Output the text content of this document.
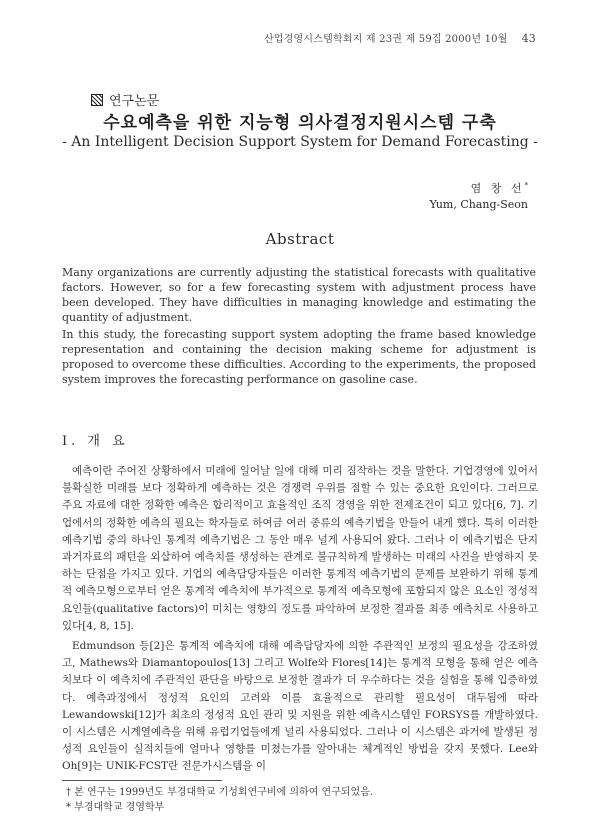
산업경영시스템학회지 제 23권 제 59집 2000년 10월 43
연구논문
수요예측을 위한 지능형 의사결정지원시스템 구축
- An Intelligent Decision Support System for Demand Forecasting -
염 창 선*
Yum, Chang-Seon
Abstract

Many organizations are currently adjusting the statistical forecasts with qualitative factors. However, so for a few forecasting system with adjustment process have been developed. They have difficulties in managing knowledge and estimating the quantity of adjustment.

In this study, the forecasting support system adopting the frame based knowledge representation and containing the decision making scheme for adjustment is proposed to overcome these difficulties. According to the experiments, the proposed system improves the forecasting performance on gasoline case.

I. 개 요

예측이란 주어진 상황하에서 미래에 일어날 일에 대해 미리 짐작하는 것을 말한다. 기업경영에 있어서 불확실한 미래를 보다 정확하게 예측하는 것은 경쟁력 우위를 점할 수 있는 중요한 요인이다. 그러므로 주요 자료에 대한 정확한 예측은 합리적이고 효율적인 조직 경영을 위한 전제조건이 되고 있다[6, 7]. 기업에서의 정확한 예측의 필요는 학자들로 하여금 여러 종류의 예측기법을 만들어 내게 했다. 특히 이러한 예측기법 중의 하나인 통계적 예측기법은 그 동안 매우 널게 사용되어 왔다. 그러나 이 예측기법은 단지 과거자료의 패턴을 외삽하여 예측치를 생성하는 관계로 불규칙하게 발생하는 미래의 사건을 반영하지 못하는 단점을 가지고 있다. 기업의 예측담당자들은 이러한 통계적 예측기법의 문제를 보완하기 위해 통계적 예측모형으로부터 얻은 통계적 예측치에 부가적으로 통계적 예측모형에 포함되지 않은 요소인 정성적 요인들(qualitative factors)이 미치는 영향의 정도를 파악하여 보정한 결과를 최종 예측치로 사용하고 있다[4, 8, 15].

Edmundson 등[2]은 통계적 예측치에 대해 예측담당자에 의한 주관적인 보정의 필요성을 강조하였고, Mathews와 Diamantopoulos[13] 그리고 Wolfe와 Flores[14]는 통계적 모형을 통해 얻은 예측치보다 이 예측치에 주관적인 판단을 바탕으로 보정한 결과가 더 우수하다는 것을 실험을 통해 입증하였다. 예측과정에서 정성적 요인의 고려와 이를 효율적으로 관리할 필요성이 대두됨에 따라 Lewandowski[12]가 최초의 정성적 요인 관리 및 지원을 위한 예측시스템인 FORSYS를 개발하였다. 이 시스템은 시계열예측을 위해 유럽기업들에게 널리 사용되었다. 그러나 이 시스템은 과거에 발생된 정성적 요인들이 실적치들에 얼마나 영향를 미쳤는가를 알아내는 체계적인 방법을 갖지 못했다. Lee와 Oh[9]는 UNIK-FCST란 전문가시스템을 이

† 본 연구는 1999년도 부경대학교 기성회연구비에 의하여 연구되었음.
* 부경대학교 경영학부
